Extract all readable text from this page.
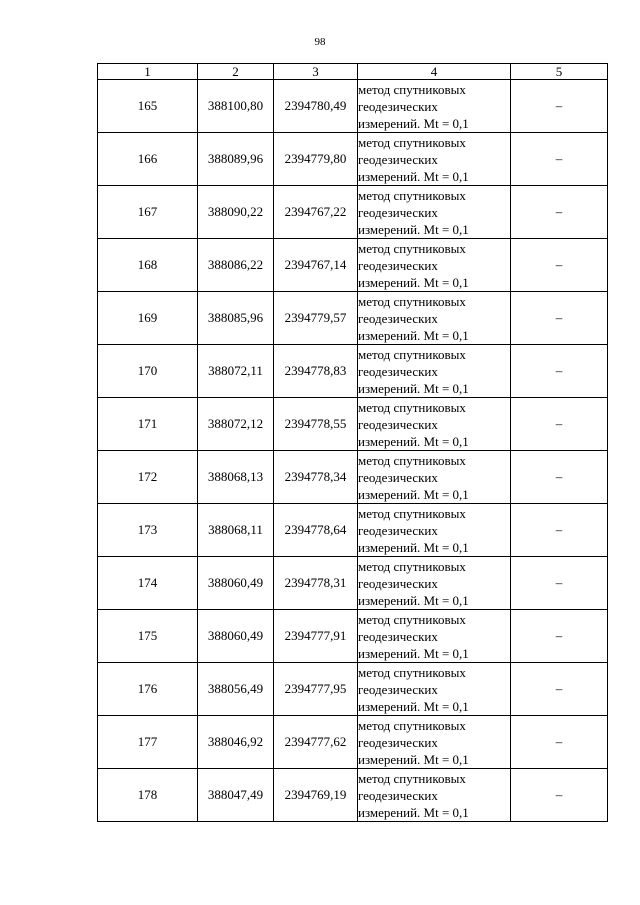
98
1	2	3	4	5
165	388100,80	2394780,49	метод спутниковых
геодезических
измерений. Mt = 0,1	–
166	388089,96	2394779,80	метод спутниковых
геодезических
измерений. Mt = 0,1	–
167	388090,22	2394767,22	метод спутниковых
геодезических
измерений. Mt = 0,1	–
168	388086,22	2394767,14	метод спутниковых
геодезических
измерений. Mt = 0,1	–
169	388085,96	2394779,57	метод спутниковых
геодезических
измерений. Mt = 0,1	–
170	388072,11	2394778,83	метод спутниковых
геодезических
измерений. Mt = 0,1	–
171	388072,12	2394778,55	метод спутниковых
геодезических
измерений. Mt = 0,1	–
172	388068,13	2394778,34	метод спутниковых
геодезических
измерений. Mt = 0,1	–
173	388068,11	2394778,64	метод спутниковых
геодезических
измерений. Mt = 0,1	–
174	388060,49	2394778,31	метод спутниковых
геодезических
измерений. Mt = 0,1	–
175	388060,49	2394777,91	метод спутниковых
геодезических
измерений. Mt = 0,1	–
176	388056,49	2394777,95	метод спутниковых
геодезических
измерений. Mt = 0,1	–
177	388046,92	2394777,62	метод спутниковых
геодезических
измерений. Mt = 0,1	–
178	388047,49	2394769,19	метод спутниковых
геодезических
измерений. Mt = 0,1	–
